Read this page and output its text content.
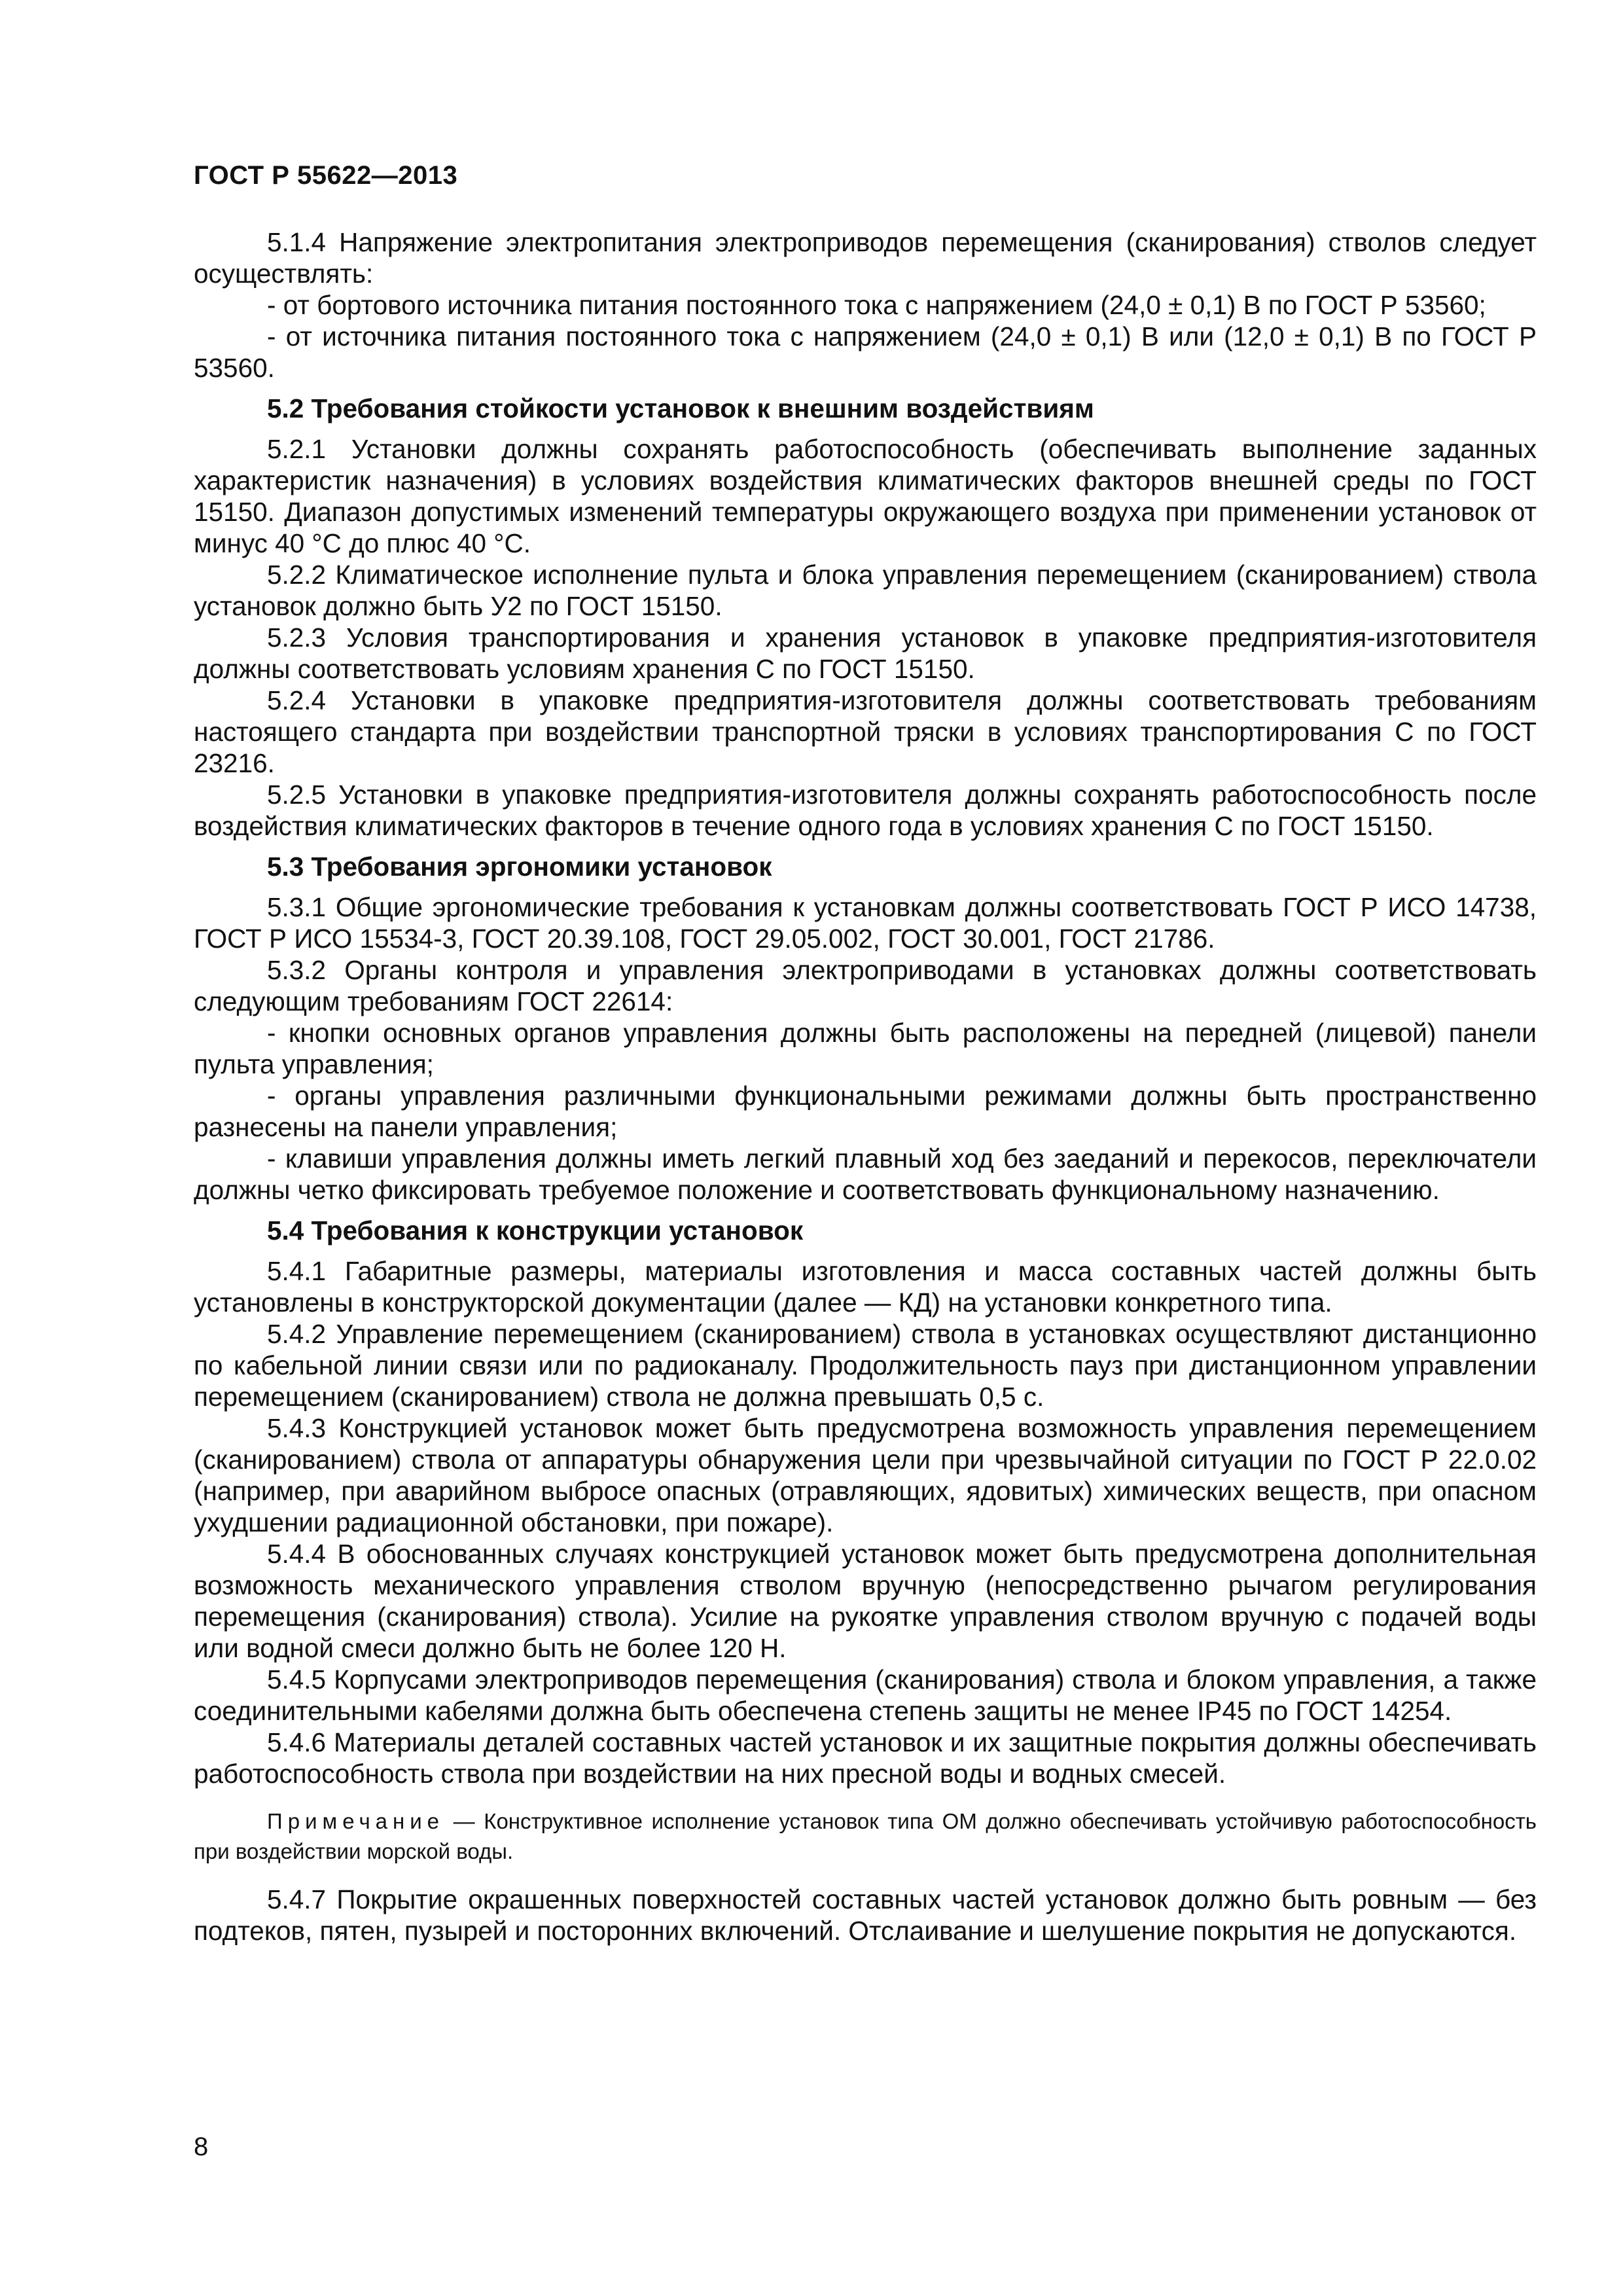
ГОСТ Р 55622—2013

5.1.4 Напряжение электропитания электроприводов перемещения (сканирования) стволов следует осуществлять:

- от бортового источника питания постоянного тока с напряжением (24,0 ± 0,1) В по ГОСТ Р 53560;

- от источника питания постоянного тока с напряжением (24,0 ± 0,1) В или (12,0 ± 0,1) В по ГОСТ Р 53560.

5.2 Требования стойкости установок к внешним воздействиям

5.2.1 Установки должны сохранять работоспособность (обеспечивать выполнение заданных характеристик назначения) в условиях воздействия климатических факторов внешней среды по ГОСТ 15150. Диапазон допустимых изменений температуры окружающего воздуха при применении установок от минус 40 °С до плюс 40 °С.

5.2.2 Климатическое исполнение пульта и блока управления перемещением (сканированием) ствола установок должно быть У2 по ГОСТ 15150.

5.2.3 Условия транспортирования и хранения установок в упаковке предприятия-изготовителя должны соответствовать условиям хранения С по ГОСТ 15150.

5.2.4 Установки в упаковке предприятия-изготовителя должны соответствовать требованиям настоящего стандарта при воздействии транспортной тряски в условиях транспортирования С по ГОСТ 23216.

5.2.5 Установки в упаковке предприятия-изготовителя должны сохранять работоспособность после воздействия климатических факторов в течение одного года в условиях хранения С по ГОСТ 15150.

5.3 Требования эргономики установок

5.3.1 Общие эргономические требования к установкам должны соответствовать ГОСТ Р ИСО 14738, ГОСТ Р ИСО 15534-3, ГОСТ 20.39.108, ГОСТ 29.05.002, ГОСТ 30.001, ГОСТ 21786.

5.3.2 Органы контроля и управления электроприводами в установках должны соответствовать следующим требованиям ГОСТ 22614:

- кнопки основных органов управления должны быть расположены на передней (лицевой) панели пульта управления;

- органы управления различными функциональными режимами должны быть пространственно разнесены на панели управления;

- клавиши управления должны иметь легкий плавный ход без заеданий и перекосов, переключатели должны четко фиксировать требуемое положение и соответствовать функциональному назначению.

5.4 Требования к конструкции установок

5.4.1 Габаритные размеры, материалы изготовления и масса составных частей должны быть установлены в конструкторской документации (далее — КД) на установки конкретного типа.

5.4.2 Управление перемещением (сканированием) ствола в установках осуществляют дистанционно по кабельной линии связи или по радиоканалу. Продолжительность пауз при дистанционном управлении перемещением (сканированием) ствола не должна превышать 0,5 с.

5.4.3 Конструкцией установок может быть предусмотрена возможность управления перемещением (сканированием) ствола от аппаратуры обнаружения цели при чрезвычайной ситуации по ГОСТ Р 22.0.02 (например, при аварийном выбросе опасных (отравляющих, ядовитых) химических веществ, при опасном ухудшении радиационной обстановки, при пожаре).

5.4.4 В обоснованных случаях конструкцией установок может быть предусмотрена дополнительная возможность механического управления стволом вручную (непосредственно рычагом регулирования перемещения (сканирования) ствола). Усилие на рукоятке управления стволом вручную с подачей воды или водной смеси должно быть не более 120 Н.

5.4.5 Корпусами электроприводов перемещения (сканирования) ствола и блоком управления, а также соединительными кабелями должна быть обеспечена степень защиты не менее IP45 по ГОСТ 14254.

5.4.6 Материалы деталей составных частей установок и их защитные покрытия должны обеспечивать работоспособность ствола при воздействии на них пресной воды и водных смесей.

Примечание — Конструктивное исполнение установок типа ОМ должно обеспечивать устойчивую работоспособность при воздействии морской воды.

5.4.7 Покрытие окрашенных поверхностей составных частей установок должно быть ровным — без подтеков, пятен, пузырей и посторонних включений. Отслаивание и шелушение покрытия не допускаются.

8
